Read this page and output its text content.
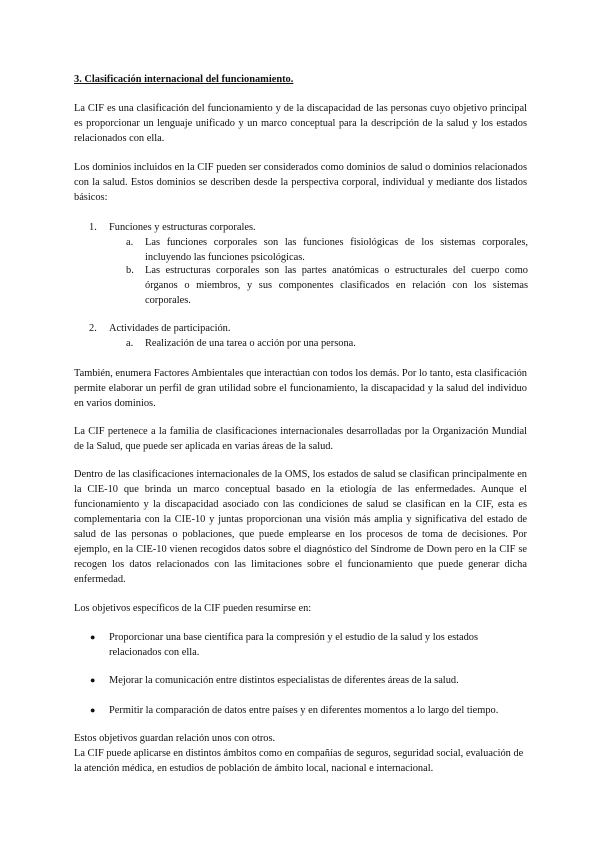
3. Clasificación internacional del funcionamiento.

La CIF es una clasificación del funcionamiento y de la discapacidad de las personas cuyo objetivo principal es proporcionar un lenguaje unificado y un marco conceptual para la descripción de la salud y los estados relacionados con ella.

Los dominios incluidos en la CIF pueden ser considerados como dominios de salud o dominios relacionados con la salud. Estos dominios se describen desde la perspectiva corporal, individual y mediante dos listados básicos:

1. Funciones y estructuras corporales.
a. Las funciones corporales son las funciones fisiológicas de los sistemas corporales, incluyendo las funciones psicológicas.

b. Las estructuras corporales son las partes anatómicas o estructurales del cuerpo como órganos o miembros, y sus componentes clasificados en relación con los sistemas corporales.

2. Actividades de participación.
a. Realización de una tarea o acción por una persona.

También, enumera Factores Ambientales que interactúan con todos los demás. Por lo tanto, esta clasificación permite elaborar un perfil de gran utilidad sobre el funcionamiento, la discapacidad y la salud del individuo en varios dominios.

La CIF pertenece a la familia de clasificaciones internacionales desarrolladas por la Organización Mundial de la Salud, que puede ser aplicada en varias áreas de la salud.

Dentro de las clasificaciones internacionales de la OMS, los estados de salud se clasifican principalmente en la CIE-10 que brinda un marco conceptual basado en la etiología de las enfermedades. Aunque el funcionamiento y la discapacidad asociado con las condiciones de salud se clasifican en la CIF, esta es complementaria con la CIE-10 y juntas proporcionan una visión más amplia y significativa del estado de salud de las personas o poblaciones, que puede emplearse en los procesos de toma de decisiones. Por ejemplo, en la CIE-10 vienen recogidos datos sobre el diagnóstico del Síndrome de Down pero en la CIF se recogen los datos relacionados con las limitaciones sobre el funcionamiento que puede generar dicha enfermedad.

Los objetivos específicos de la CIF pueden resumirse en:

● Proporcionar una base científica para la compresión y el estudio de la salud y los estados relacionados con ella.

● Mejorar la comunicación entre distintos especialistas de diferentes áreas de la salud.

● Permitir la comparación de datos entre países y en diferentes momentos a lo largo del tiempo.

Estos objetivos guardan relación unos con otros.

La CIF puede aplicarse en distintos ámbitos como en compañías de seguros, seguridad social, evaluación de la atención médica, en estudios de población de ámbito local, nacional e internacional.
